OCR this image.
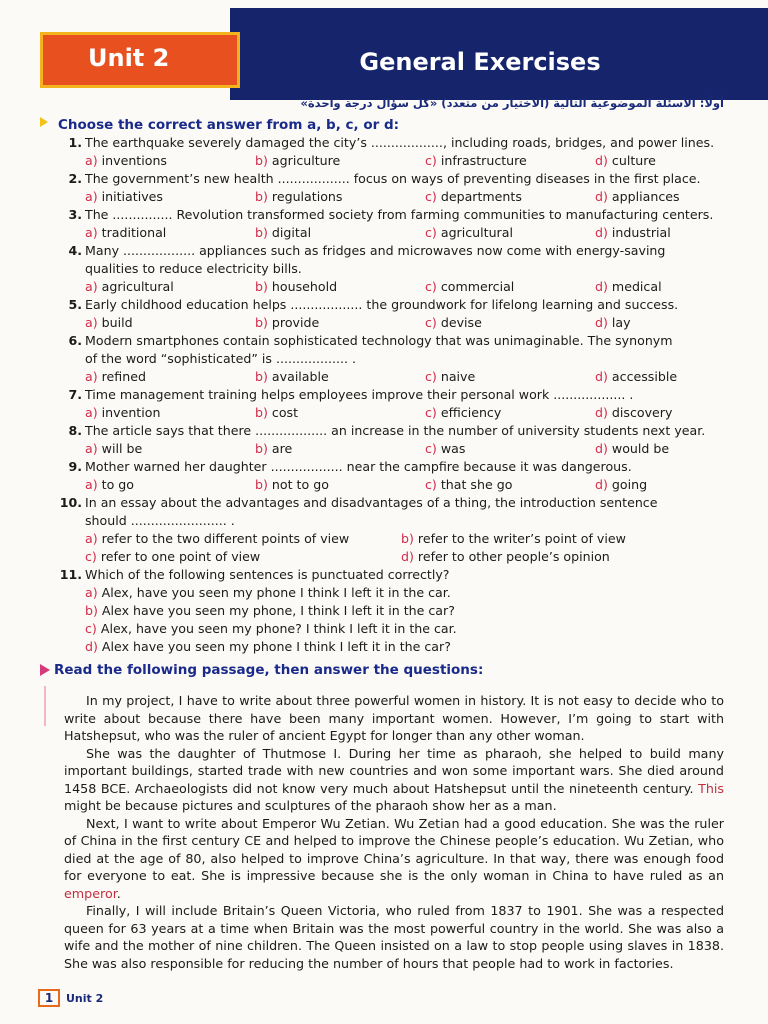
Unit 2	General Exercises
أولًا: الأسئلة الموضوعية التالية (الاختيار من متعدد) «كل سؤال درجة واحدة»
Choose the correct answer from a, b, c, or d:
1. The earthquake severely damaged the city’s .................., including roads, bridges, and power lines.
a) inventions	b) agriculture	c) infrastructure	d) culture
2. The government’s new health .................. focus on ways of preventing diseases in the first place.
a) initiatives	b) regulations	c) departments	d) appliances
3. The ............... Revolution transformed society from farming communities to manufacturing centers.
a) traditional	b) digital	c) agricultural	d) industrial
4. Many .................. appliances such as fridges and microwaves now come with energy-saving
qualities to reduce electricity bills.
a) agricultural	b) household	c) commercial	d) medical
5. Early childhood education helps .................. the groundwork for lifelong learning and success.
a) build	b) provide	c) devise	d) lay
6. Modern smartphones contain sophisticated technology that was unimaginable. The synonym
of the word “sophisticated” is .................. .
a) refined	b) available	c) naive	d) accessible
7. Time management training helps employees improve their personal work .................. .
a) invention	b) cost	c) efficiency	d) discovery
8. The article says that there .................. an increase in the number of university students next year.
a) will be	b) are	c) was	d) would be
9. Mother warned her daughter .................. near the campfire because it was dangerous.
a) to go	b) not to go	c) that she go	d) going
10. In an essay about the advantages and disadvantages of a thing, the introduction sentence
should ........................ .
a) refer to the two different points of view	b) refer to the writer’s point of view
c) refer to one point of view	d) refer to other people’s opinion
11. Which of the following sentences is punctuated correctly?
a) Alex, have you seen my phone I think I left it in the car.
b) Alex have you seen my phone, I think I left it in the car?
c) Alex, have you seen my phone? I think I left it in the car.
d) Alex have you seen my phone I think I left it in the car?
Read the following passage, then answer the questions:

In my project, I have to write about three powerful women in history. It is not easy to decide who to write about because there have been many important women. However, I’m going to start with Hatshepsut, who was the ruler of ancient Egypt for longer than any other woman.

She was the daughter of Thutmose I. During her time as pharaoh, she helped to build many important buildings, started trade with new countries and won some important wars. She died around 1458 BCE. Archaeologists did not know very much about Hatshepsut until the nineteenth century. This might be because pictures and sculptures of the pharaoh show her as a man.

Next, I want to write about Emperor Wu Zetian. Wu Zetian had a good education. She was the ruler of China in the first century CE and helped to improve the Chinese people’s education. Wu Zetian, who died at the age of 80, also helped to improve China’s agriculture. In that way, there was enough food for everyone to eat. She is impressive because she is the only woman in China to have ruled as an emperor.

Finally, I will include Britain’s Queen Victoria, who ruled from 1837 to 1901. She was a respected queen for 63 years at a time when Britain was the most powerful country in the world. She was also a wife and the mother of nine children. The Queen insisted on a law to stop people using slaves in 1838. She was also responsible for reducing the number of hours that people had to work in factories.

1	Unit 2
